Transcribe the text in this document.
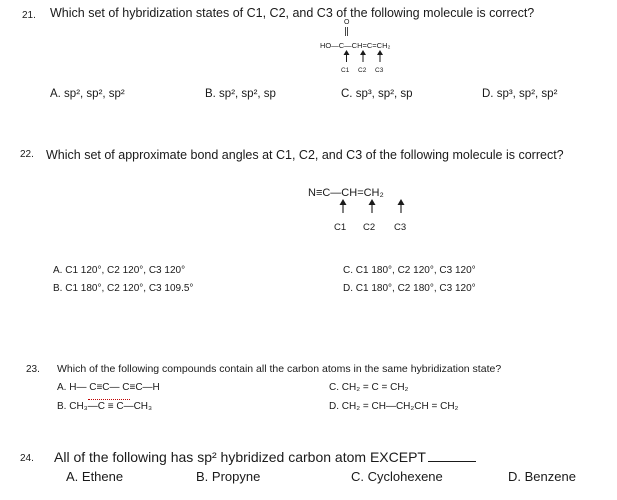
21. Which set of hybridization states of C1, C2, and C3 of the following molecule is correct?
O
HO—C—CH=C=CH₂
C1 C2 C3
A. sp², sp², sp²	B. sp², sp², sp	C. sp³, sp², sp	D. sp³, sp², sp²
22. Which set of approximate bond angles at C1, C2, and C3 of the following molecule is correct?
N≡C—CH=CH₂
C1 C2 C3
A. C1 120°, C2 120°, C3 120°
B. C1 180°, C2 120°, C3 109.5°
C. C1 180°, C2 120°, C3 120°
D. C1 180°, C2 180°, C3 120°
23. Which of the following compounds contain all the carbon atoms in the same hybridization state?
A. H— C≡C— C≡C—H
B. CH₃—C ≡ C—CH₃
C. CH₂ = C = CH₂
D. CH₂ = CH—CH₂CH = CH₂
24. All of the following has sp² hybridized carbon atom EXCEPT
A. Ethene	B. Propyne	C. Cyclohexene	D. Benzene
